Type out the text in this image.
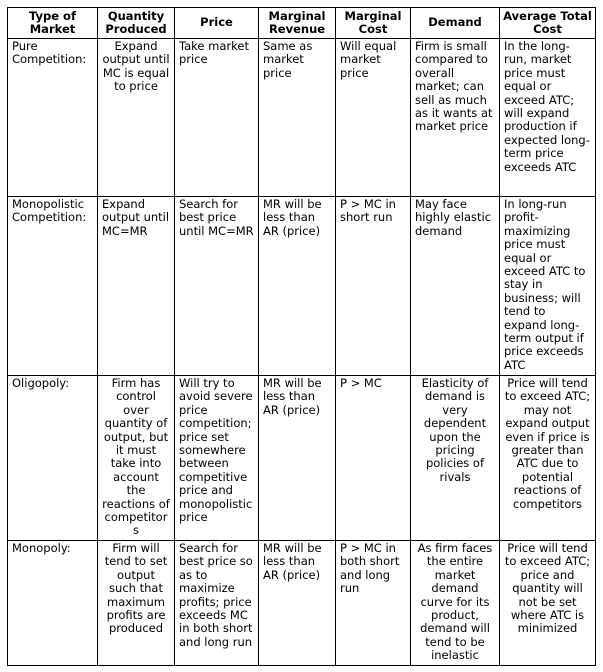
Type of Market	Quantity Produced	Price	Marginal Revenue	Marginal Cost	Demand	Average Total Cost
Pure Competition:	Expand output until MC is equal to price	Take market price	Same as market price	Will equal market price	Firm is small compared to overall market; can sell as much as it wants at market price	In the long-run, market price must equal or exceed ATC; will expand production if expected long-term price exceeds ATC
Monopolistic Competition:	Expand output until MC=MR	Search for best price until MC=MR	MR will be less than AR (price)	P > MC in short run	May face highly elastic demand	In long-run profit-maximizing price must equal or exceed ATC to stay in business; will tend to expand long-term output if price exceeds ATC
Oligopoly:	Firm has control over quantity of output, but it must take into account the reactions of competitors	Will try to avoid severe price competition; price set somewhere between competitive price and monopolistic price	MR will be less than AR (price)	P > MC	Elasticity of demand is very dependent upon the pricing policies of rivals	Price will tend to exceed ATC; may not expand output even if price is greater than ATC due to potential reactions of competitors
Monopoly:	Firm will tend to set output such that maximum profits are produced	Search for best price so as to maximize profits; price exceeds MC in both short and long run	MR will be less than AR (price)	P > MC in both short and long run	As firm faces the entire market demand curve for its product, demand will tend to be inelastic	Price will tend to exceed ATC; price and quantity will not be set where ATC is minimized
